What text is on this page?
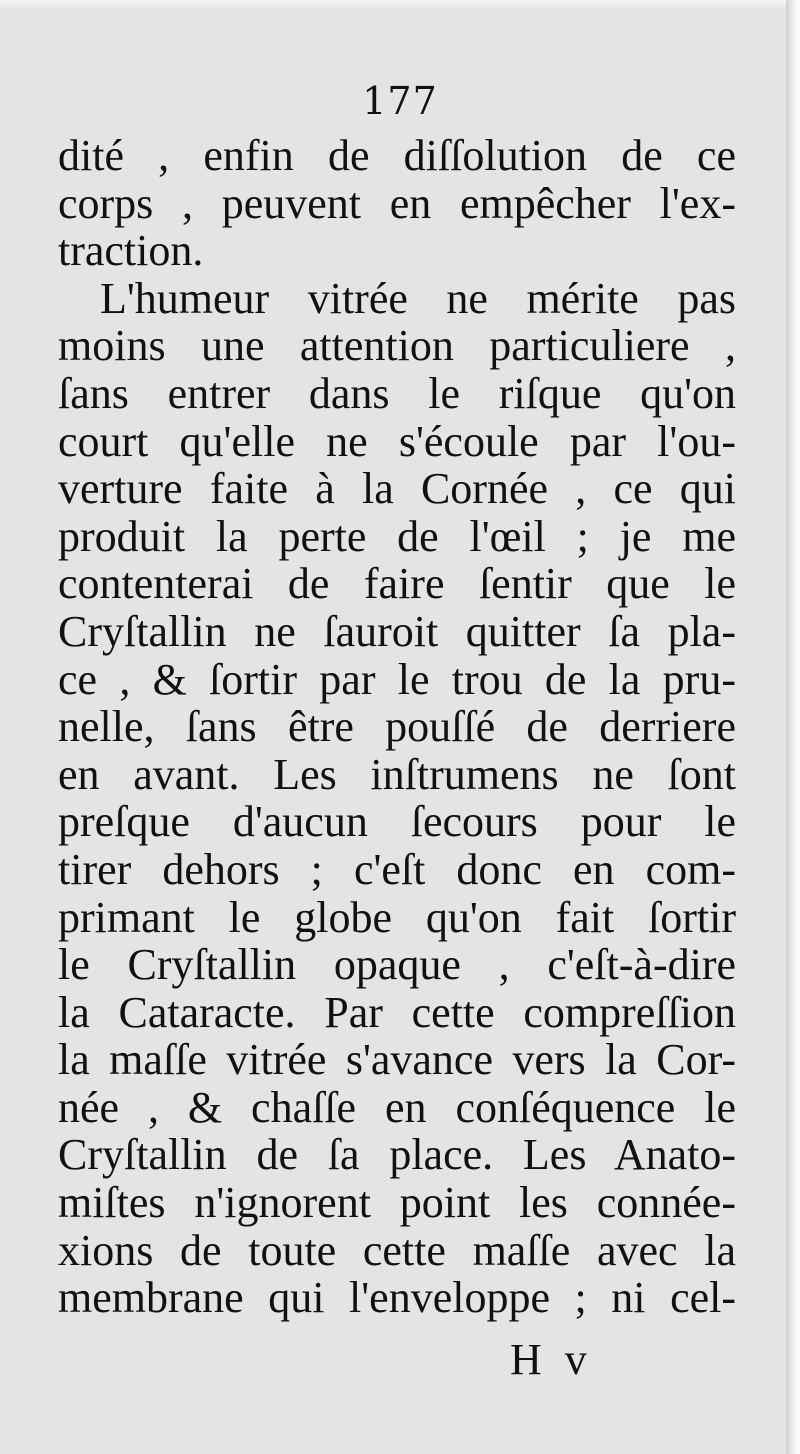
177
dité , enfin de diſſolution de ce
corps , peuvent en empêcher l'ex-
traction.
L'humeur vitrée ne mérite pas
moins une attention particuliere ,
ſans entrer dans le riſque qu'on
court qu'elle ne s'écoule par l'ou-
verture faite à la Cornée , ce qui
produit la perte de l'œil ; je me
contenterai de faire ſentir que le
Cryſtallin ne ſauroit quitter ſa pla-
ce , & ſortir par le trou de la pru-
nelle, ſans être pouſſé de derriere
en avant. Les inſtrumens ne ſont
preſque d'aucun ſecours pour le
tirer dehors ; c'eſt donc en com-
primant le globe qu'on fait ſortir
le Cryſtallin opaque , c'eſt-à-dire
la Cataracte. Par cette compreſſion
la maſſe vitrée s'avance vers la Cor-
née , & chaſſe en conſéquence le
Cryſtallin de ſa place. Les Anato-
miſtes n'ignorent point les connée-
xions de toute cette maſſe avec la
membrane qui l'enveloppe ; ni cel-
H v
